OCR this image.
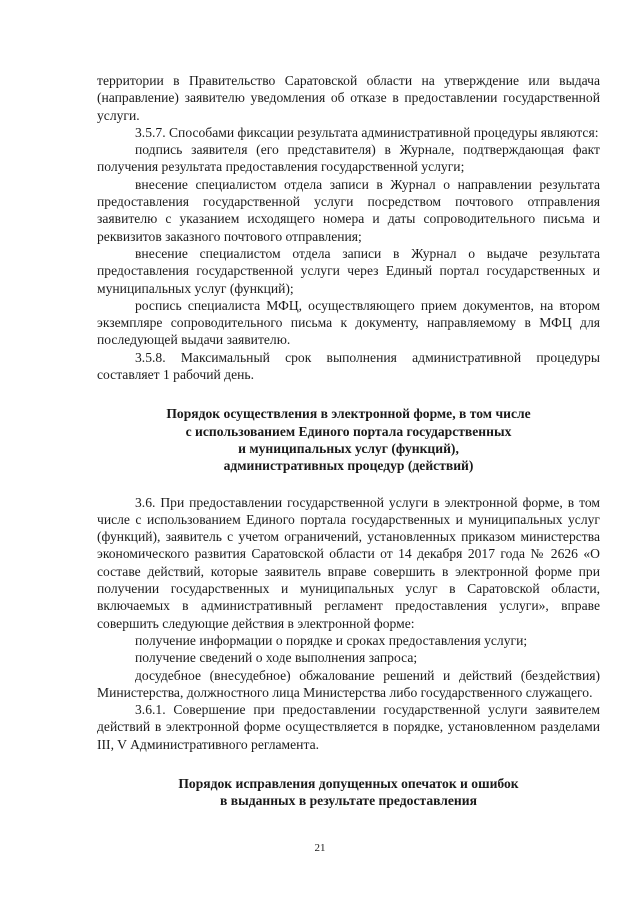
территории в Правительство Саратовской области на утверждение или выдача (направление) заявителю уведомления об отказе в предоставлении государственной услуги.

3.5.7. Способами фиксации результата административной процедуры являются:

подпись заявителя (его представителя) в Журнале, подтверждающая факт получения результата предоставления государственной услуги;

внесение специалистом отдела записи в Журнал о направлении результата предоставления государственной услуги посредством почтового отправления заявителю с указанием исходящего номера и даты сопроводительного письма и реквизитов заказного почтового отправления;

внесение специалистом отдела записи в Журнал о выдаче результата предоставления государственной услуги через Единый портал государственных и муниципальных услуг (функций);

роспись специалиста МФЦ, осуществляющего прием документов, на втором экземпляре сопроводительного письма к документу, направляемому в МФЦ для последующей выдачи заявителю.

3.5.8. Максимальный срок выполнения административной процедуры составляет 1 рабочий день.

Порядок осуществления в электронной форме, в том числе

с использованием Единого портала государственных

и муниципальных услуг (функций),

административных процедур (действий)

3.6. При предоставлении государственной услуги в электронной форме, в том числе с использованием Единого портала государственных и муниципальных услуг (функций), заявитель с учетом ограничений, установленных приказом министерства экономического развития Саратовской области от 14 декабря 2017 года № 2626 «О составе действий, которые заявитель вправе совершить в электронной форме при получении государственных и муниципальных услуг в Саратовской области, включаемых в административный регламент предоставления услуги», вправе совершить следующие действия в электронной форме:

получение информации о порядке и сроках предоставления услуги;

получение сведений о ходе выполнения запроса;

досудебное (внесудебное) обжалование решений и действий (бездействия) Министерства, должностного лица Министерства либо государственного служащего.

3.6.1. Совершение при предоставлении государственной услуги заявителем действий в электронной форме осуществляется в порядке, установленном разделами III, V Административного регламента.

Порядок исправления допущенных опечаток и ошибок

в выданных в результате предоставления

21
